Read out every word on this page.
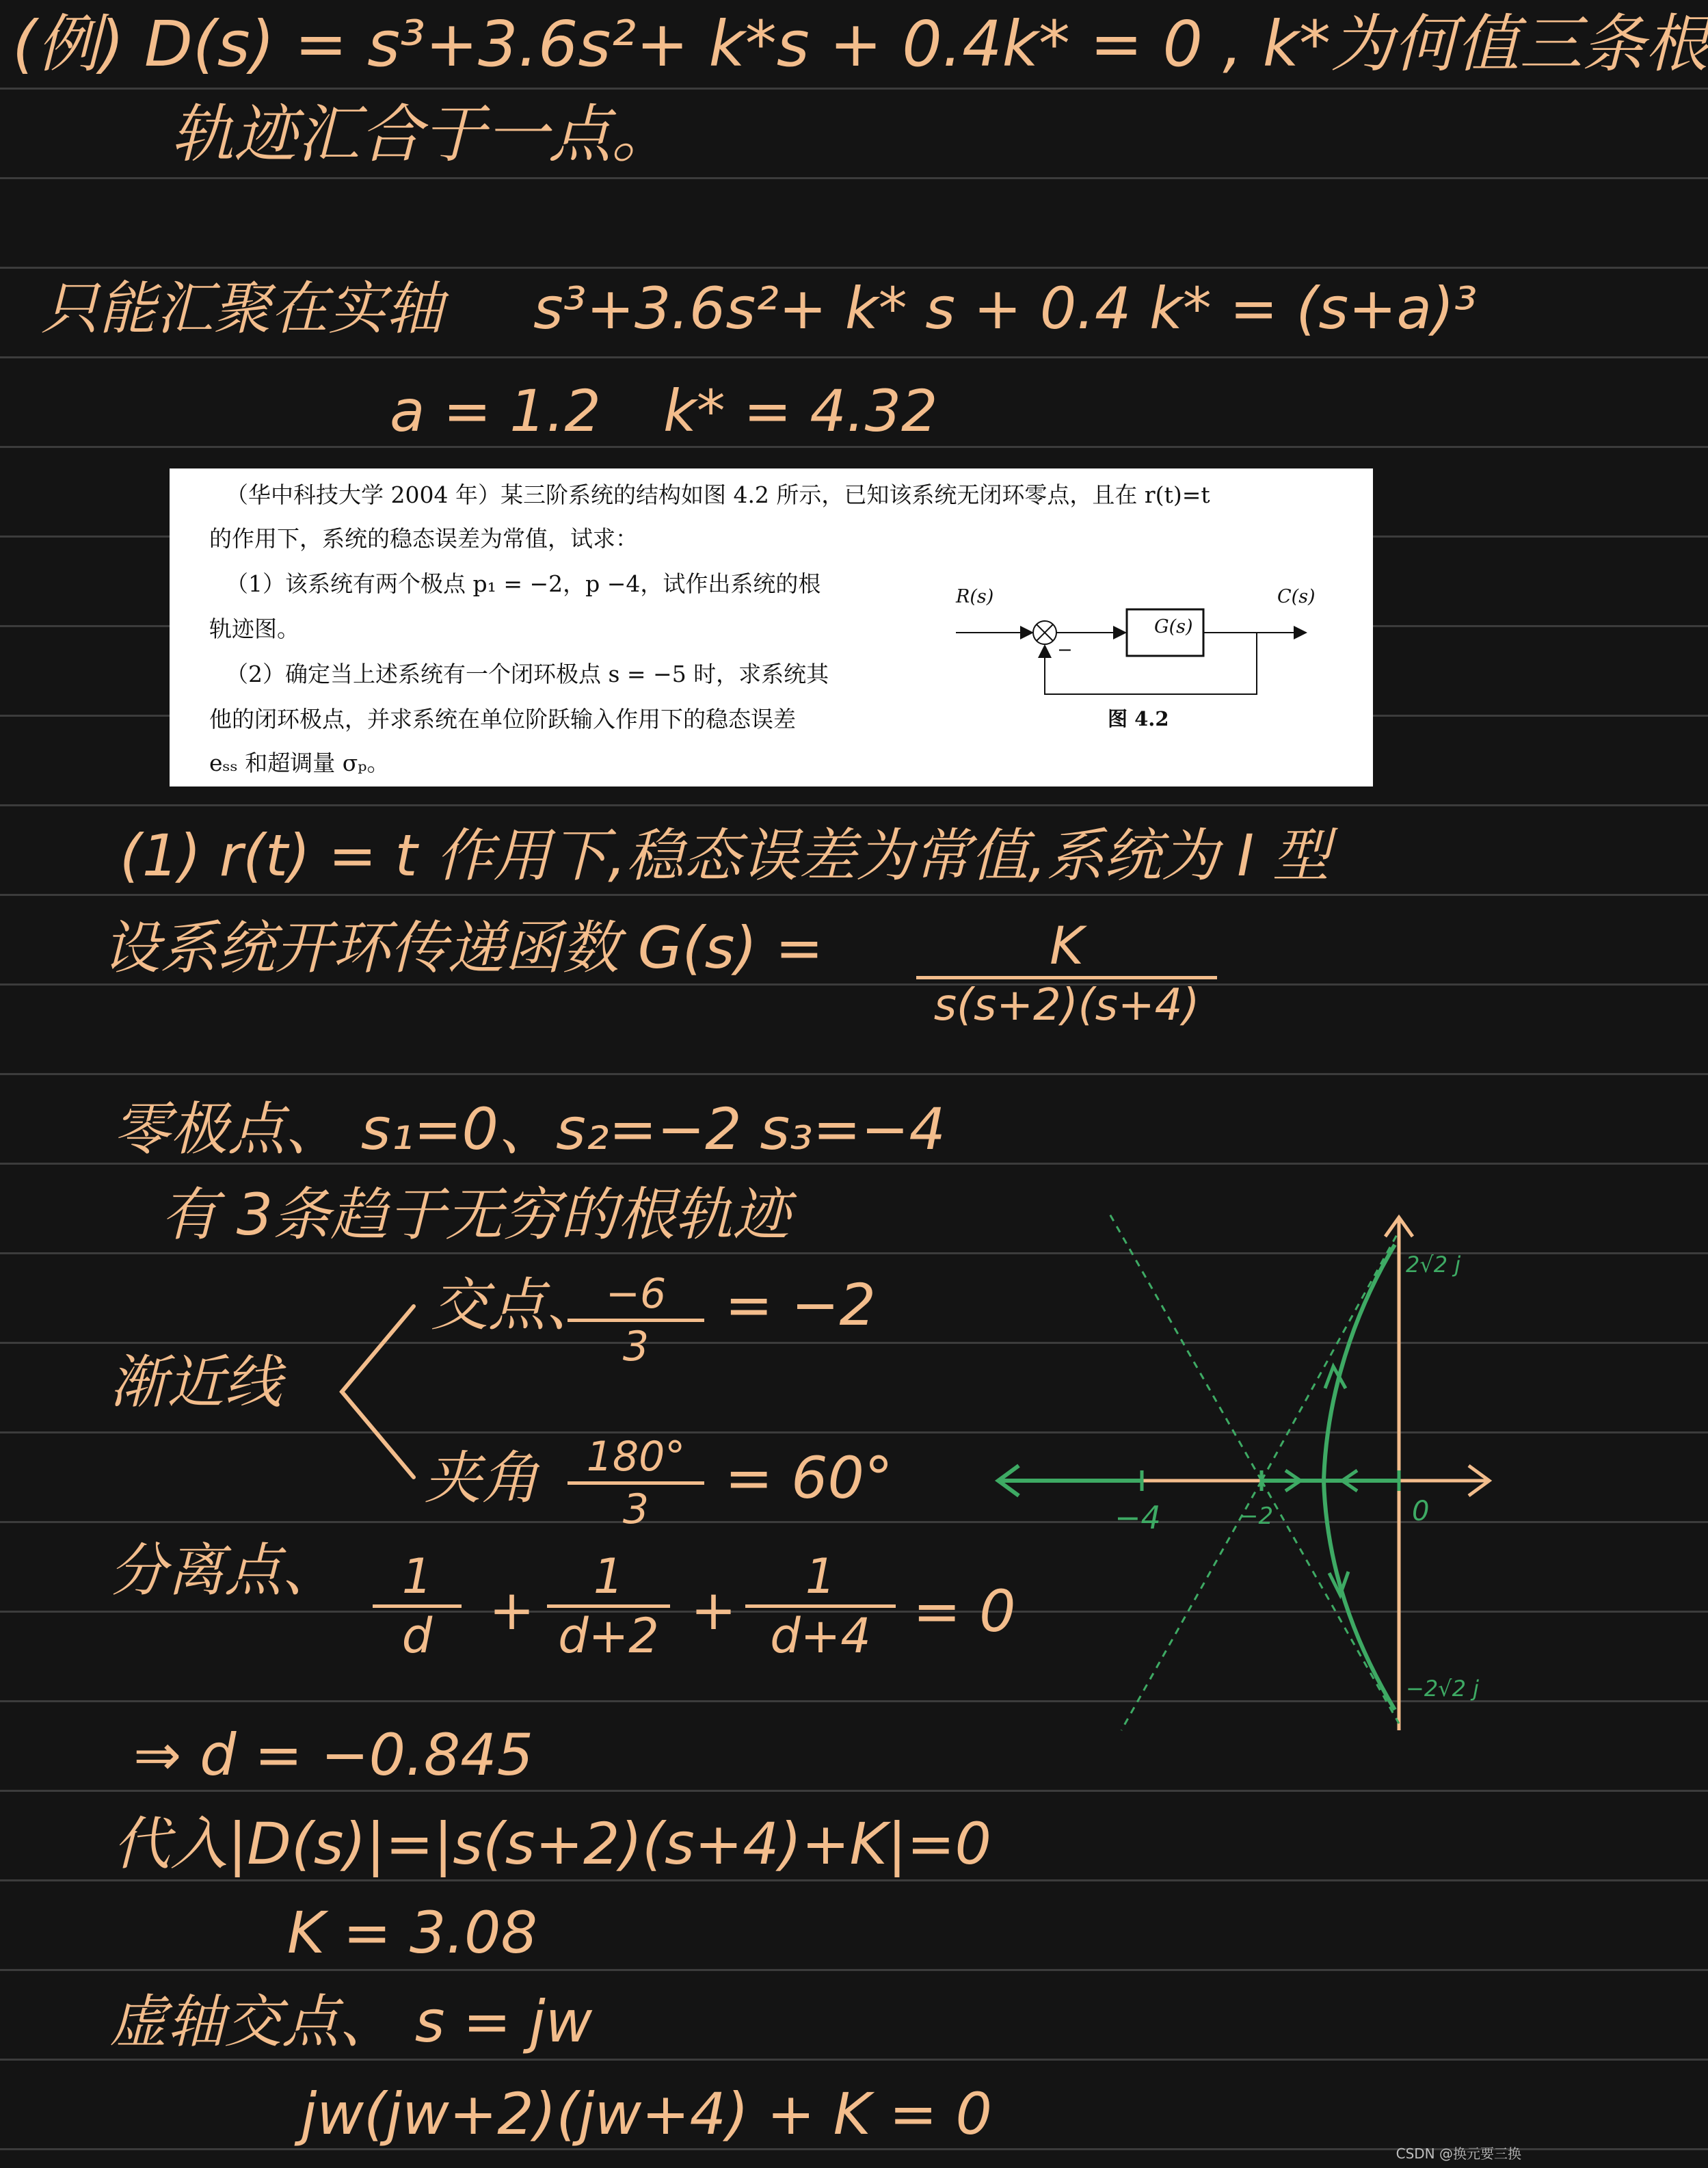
(例) D(s) = s³+3.6s²+ k*s + 0.4k* = 0 , k*为何值三条根
轨迹汇合于一点。
只能汇聚在实轴 s³+3.6s²+ k* s + 0.4 k* = (s+a)³
a = 1.2 k* = 4.32
（华中科技大学 2004 年）某三阶系统的结构如图 4.2 所示，已知该系统无闭环零点，且在 r(t)=t
的作用下，系统的稳态误差为常值，试求：
（1）该系统有两个极点 p₁ = −2，p −4，试作出系统的根
轨迹图。
（2）确定当上述系统有一个闭环极点 s = −5 时，求系统其
他的闭环极点，并求系统在单位阶跃输入作用下的稳态误差
eₛₛ 和超调量 σₚ。
R(s)	C(s)
G(s)
−
图 4.2
(1) r(t) = t 作用下,稳态误差为常值,系统为 I 型
设系统开环传递函数 G(s) =	K
s(s+2)(s+4)
零极点、 s₁=0、s₂=−2 s₃=−4
有 3条趋于无穷的根轨迹
渐近线
交点、 −6
3
= −2
夹角	180°
3	= 60°
分离点、	1
d	+
1
d+2 +
1
d+4 = 0
⇒ d = −0.845
代入|D(s)|=|s(s+2)(s+4)+K|=0
K = 3.08
虚轴交点、 s = jw
jw(jw+2)(jw+4) + K = 0
−4	−2	0
2√2 j
−2√2 j
CSDN @换元要三换
